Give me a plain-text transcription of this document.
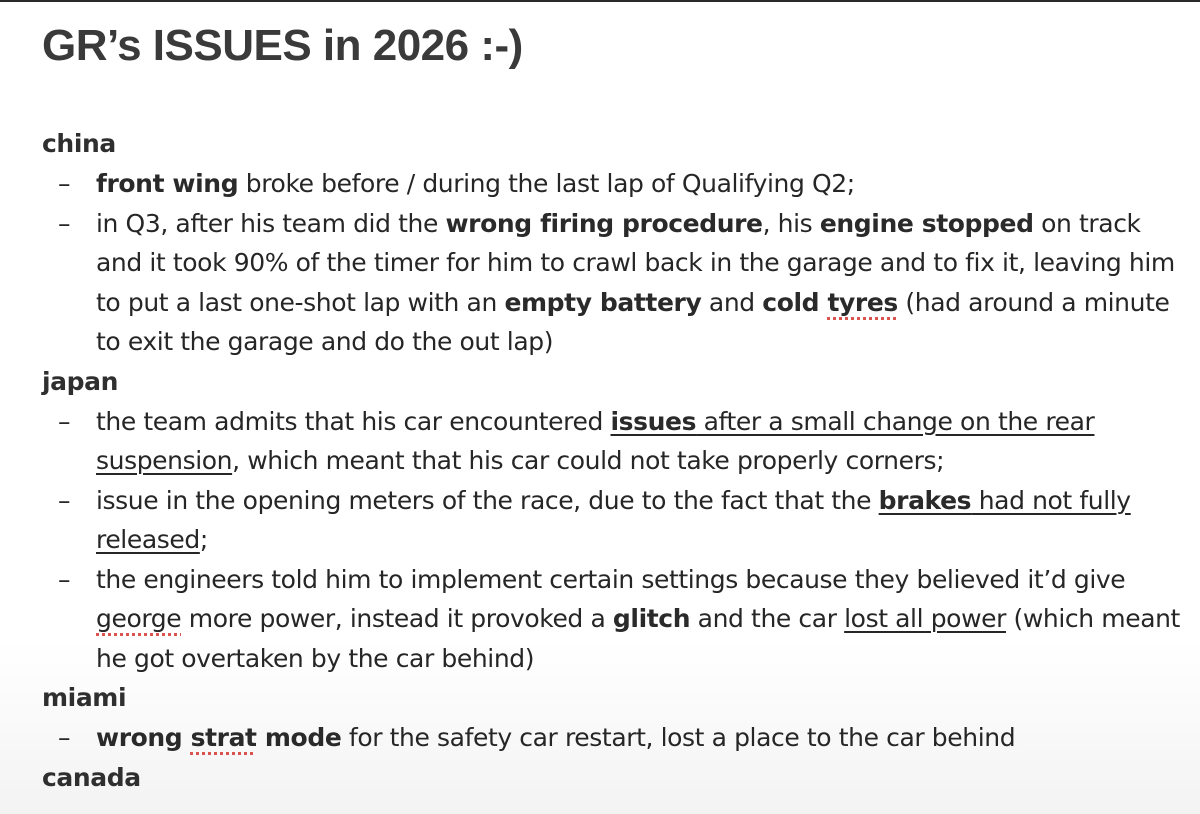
GR’s ISSUES in 2026 :-)
china
– front wing broke before / during the last lap of Qualifying Q2;
– in Q3, after his team did the wrong firing procedure, his engine stopped on track and it took 90% of the timer for him to crawl back in the garage and to fix it, leaving him to put a last one-shot lap with an empty battery and cold tyres (had around a minute to exit the garage and do the out lap)
japan
– the team admits that his car encountered issues after a small change on the rear suspension, which meant that his car could not take properly corners;
– issue in the opening meters of the race, due to the fact that the brakes had not fully released;
– the engineers told him to implement certain settings because they believed it’d give george more power, instead it provoked a glitch and the car lost all power (which meant he got overtaken by the car behind)
miami
– wrong strat mode for the safety car restart, lost a place to the car behind
canada
